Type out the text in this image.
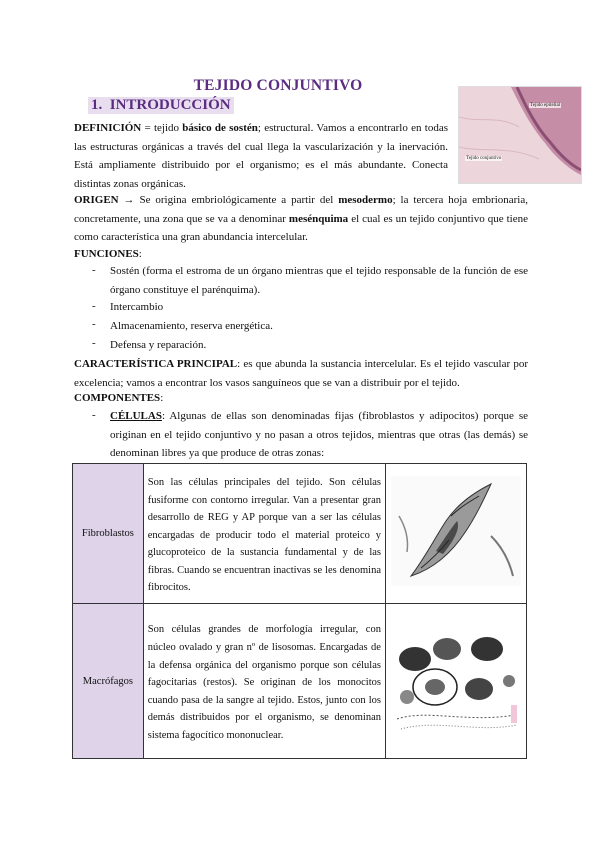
TEJIDO CONJUNTIVO
1.  INTRODUCCIÓN	Tejido epitelial
Tejido conjuntivo
DEFINICIÓN = tejido básico de sostén; estructural. Vamos a encontrarlo en todas las estructuras orgánicas a través del cual llega la vascularización y la inervación. Está ampliamente distribuido por el organismo; es el más abundante. Conecta distintas zonas orgánicas.
ORIGEN → Se origina embriológicamente a partir del mesodermo; la tercera hoja embrionaria, concretamente, una zona que se va a denominar mesénquima el cual es un tejido conjuntivo que tiene como característica una gran abundancia intercelular.
FUNCIONES:
- Sostén (forma el estroma de un órgano mientras que el tejido responsable de la función de ese órgano constituye el parénquima).
- Intercambio
- Almacenamiento, reserva energética.
- Defensa y reparación.
CARACTERÍSTICA PRINCIPAL: es que abunda la sustancia intercelular. Es el tejido vascular por excelencia; vamos a encontrar los vasos sanguíneos que se van a distribuir por el tejido.
COMPONENTES:
- CÉLULAS: Algunas de ellas son denominadas fijas (fibroblastos y adipocitos) porque se originan en el tejido conjuntivo y no pasan a otros tejidos, mientras que otras (las demás) se denominan libres ya que produce de otras zonas:
Fibroblastos	Son las células principales del tejido. Son células fusiforme con contorno irregular. Van a presentar gran desarrollo de REG y AP porque van a ser las células encargadas de producir todo el material proteico y glucoproteico de la sustancia fundamental y de las fibras. Cuando se encuentran inactivas se les denomina fibrocitos.	
Macrófagos	Son células grandes de morfología irregular, con núcleo ovalado y gran nº de lisosomas. Encargadas de la defensa orgánica del organismo porque son células fagocitarias (restos). Se originan de los monocitos cuando pasa de la sangre al tejido. Estos, junto con los demás distribuidos por el organismo, se denominan sistema fagocítico mononuclear.	
